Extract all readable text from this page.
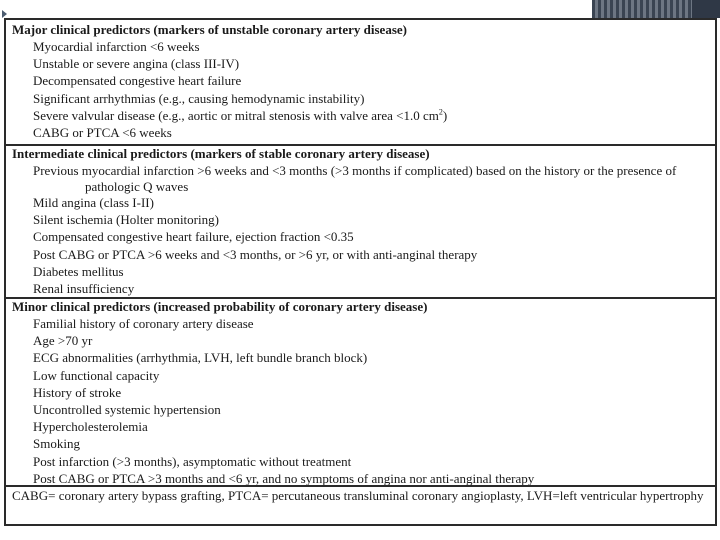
Major clinical predictors (markers of unstable coronary artery disease)
Myocardial infarction <6 weeks
Unstable or severe angina (class III-IV)
Decompensated congestive heart failure
Significant arrhythmias (e.g., causing hemodynamic instability)
Severe valvular disease (e.g., aortic or mitral stenosis with valve area <1.0 $cm^2$)
CABG or PTCA <6 weeks
Intermediate clinical predictors (markers of stable coronary artery disease)
Previous myocardial infarction >6 weeks and <3 months (>3 months if complicated) based on the history or the presence of
pathologic Q waves
Mild angina (class I-II)
Silent ischemia (Holter monitoring)
Compensated congestive heart failure, ejection fraction <0.35
Post CABG or PTCA >6 weeks and <3 months, or >6 yr, or with anti-anginal therapy
Diabetes mellitus
Renal insufficiency
Minor clinical predictors (increased probability of coronary artery disease)
Familial history of coronary artery disease
Age >70 yr
ECG abnormalities (arrhythmia, LVH, left bundle branch block)
Low functional capacity
History of stroke
Uncontrolled systemic hypertension
Hypercholesterolemia
Smoking
Post infarction (>3 months), asymptomatic without treatment
Post CABG or PTCA >3 months and <6 yr, and no symptoms of angina nor anti-anginal therapy
CABG= coronary artery bypass grafting, PTCA= percutaneous transluminal coronary angioplasty, LVH=left ventricular hypertrophy
